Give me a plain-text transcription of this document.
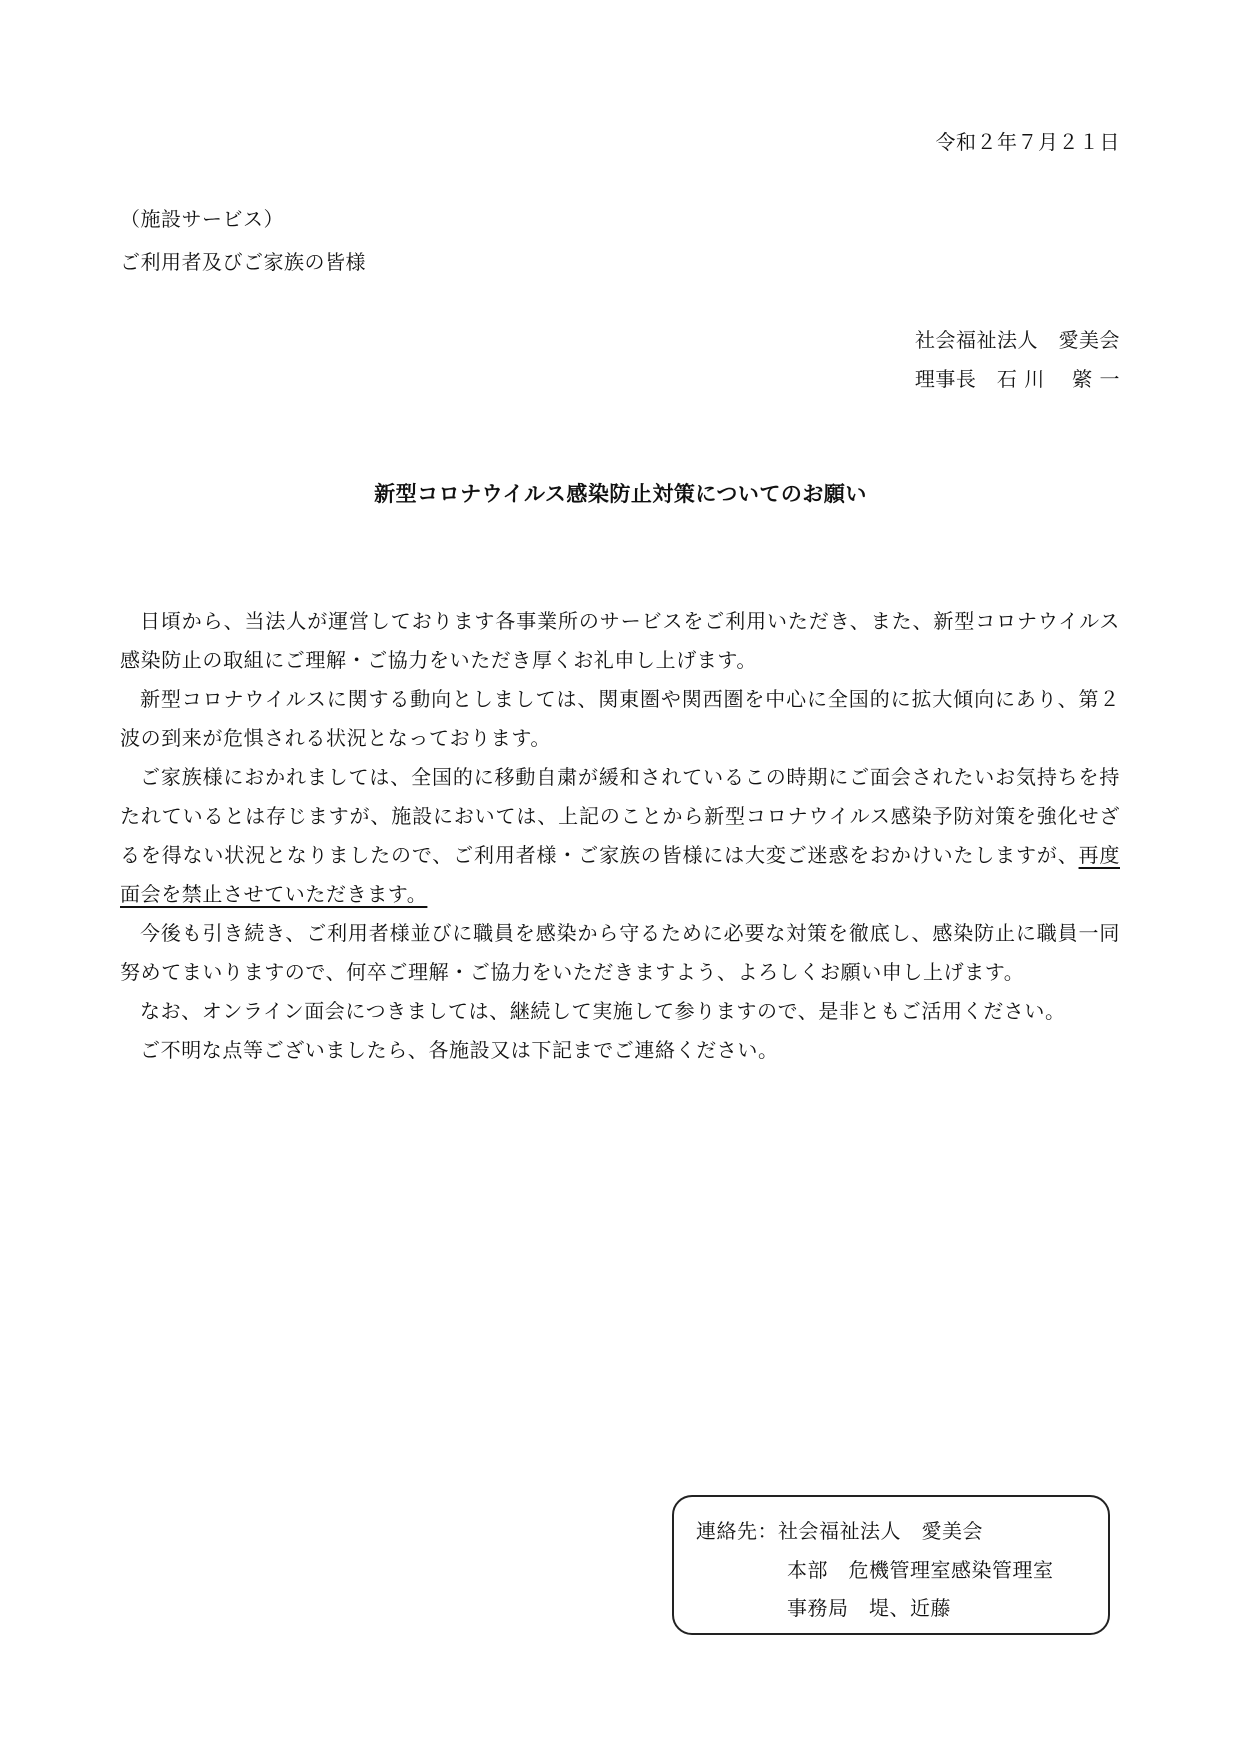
令和２年７月２１日
（施設サービス）
ご利用者及びご家族の皆様
社会福祉法人　愛美会
理事長　石 川　 綮 一
新型コロナウイルス感染防止対策についてのお願い

日頃から、当法人が運営しております各事業所のサービスをご利用いただき、また、新型コロナウイルス感染防止の取組にご理解・ご協力をいただき厚くお礼申し上げます。

新型コロナウイルスに関する動向としましては、関東圏や関西圏を中心に全国的に拡大傾向にあり、第２波の到来が危惧される状況となっております。

ご家族様におかれましては、全国的に移動自粛が緩和されているこの時期にご面会されたいお気持ちを持たれているとは存じますが、施設においては、上記のことから新型コロナウイルス感染予防対策を強化せざるを得ない状況となりましたので、ご利用者様・ご家族の皆様には大変ご迷惑をおかけいたしますが、再度面会を禁止させていただきます。

今後も引き続き、ご利用者様並びに職員を感染から守るために必要な対策を徹底し、感染防止に職員一同努めてまいりますので、何卒ご理解・ご協力をいただきますよう、よろしくお願い申し上げます。

なお、オンライン面会につきましては、継続して実施して参りますので、是非ともご活用ください。

ご不明な点等ございましたら、各施設又は下記までご連絡ください。

連絡先：社会福祉法人　愛美会
本部　危機管理室感染管理室
事務局　堤、近藤
